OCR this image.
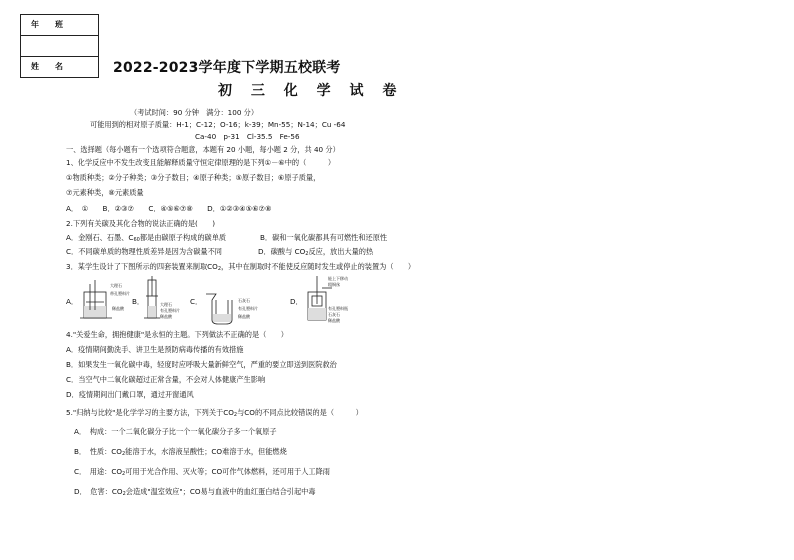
年　　班
姓　　名	2022-2023学年度下学期五校联考
初 三 化 学 试 卷
（考试时间：90 分钟　满分：100 分）
可能用到的相对原子质量：H-1；C-12；O-16；k-39；Mn-55；N-14；Cu -64
Ca-40　p-31　Cl-35.5　Fe-56
一、选择题（每小题有一个选项符合题意，本题有 20 小题，每小题 2 分，共 40 分）
1、化学反应中不发生改变且能解释质量守恒定律原理的是下列①－⑥中的（　　　）
①物质种类；②分子种类；③分子数目；④原子种类；⑤原子数目；⑥原子质量，
⑦元素种类，⑧元素质量
A．　①　　B．②③⑦　　C．④⑤⑥⑦⑧　　D．①②③④⑤⑥⑦⑧
2.下列有关碳及其化合物的说法正确的是(　　)
A．金刚石、石墨、$C_{60}$都是由碳原子构成的碳单质	B．碳和一氧化碳都具有可燃性和还原性
C．不同碳单质的物理性质差异是因为含碳量不同	D．碳酸与 $CO_2$反应，放出大量的热
3．某学生设计了下图所示的四套装置来制取$CO_2$，其中在制取时不能使反应随时发生或停止的装置为（　　）
A．
大理石
带孔塑料片
稀盐酸
B．	大理石
有孔塑料片
稀盐酸
C．	石灰石
有孔塑料片
稀盐酸
D．
能上下移动
粗铜丝
有孔塑料瓶
石灰石
稀盐酸
4."关爱生命，拥抱健康"是永恒的主题。下列做法不正确的是（　　）
A．疫情期间勤洗手、讲卫生是预防病毒传播的有效措施
B．如果发生一氧化碳中毒，轻度时应呼吸大量新鲜空气，严重的要立即送到医院救治
C．当空气中二氧化碳超过正常含量，不会对人体健康产生影响
D．疫情期间出门戴口罩，通过开窗通风
5."归纳与比较"是化学学习的主要方法，下列关于$CO_2$与CO的不同点比较错误的是（　　　）
A．　构成：一个二氧化碳分子比一个一氧化碳分子多一个氧原子
B．　性质：$CO_2$能溶于水，水溶液呈酸性；CO难溶于水，但能燃烧
C．　用途：$CO_2$可用于光合作用、灭火等；CO可作气体燃料，还可用于人工降雨
D．　危害：$CO_2$会造成"温室效应"；CO易与血液中的血红蛋白结合引起中毒
